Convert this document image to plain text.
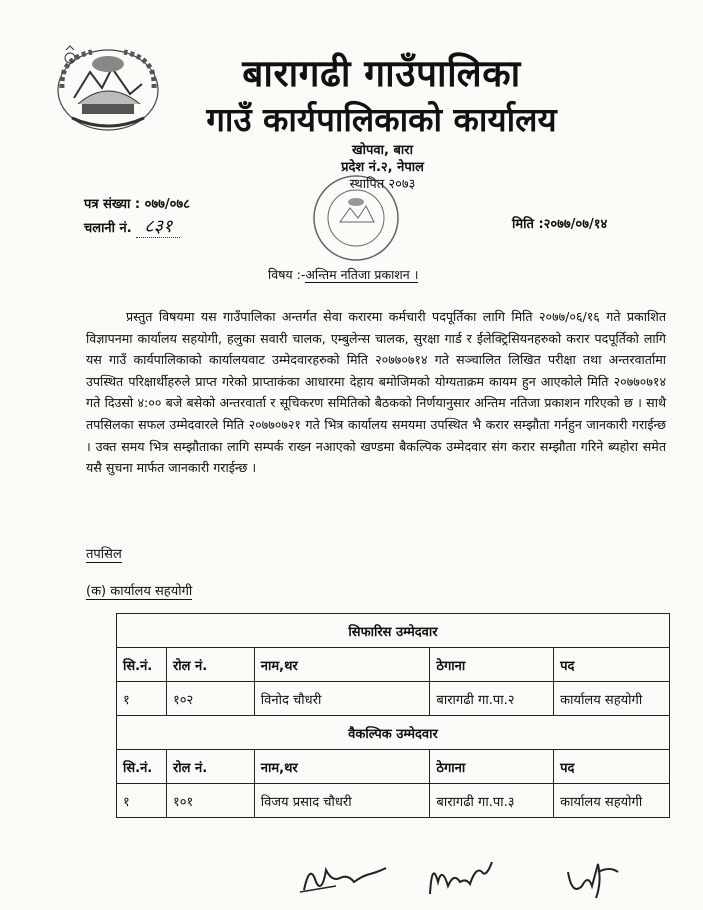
बारागढी गाउँपालिका
गाउँ कार्यपालिकाको कार्यालय
खोपवा, बारा
प्रदेश नं.२, नेपाल
स्थापित २०७३
पत्र संख्या : ०७७/०७८
चलानी नं. ८३१	मिति :२०७७/०७/१४
विषय :-अन्तिम नतिजा प्रकाशन ।
प्रस्तुत विषयमा यस गाउँपालिका अन्तर्गत सेवा करारमा कर्मचारी पदपूर्तिका लागि मिति २०७७/०६/१६ गते प्रकाशित विज्ञापनमा कार्यालय सहयोगी, हलुका सवारी चालक, एम्बुलेन्स चालक, सुरक्षा गार्ड र ईलेक्ट्रिसियनहरुको करार पदपूर्तिको लागि यस गाउँ कार्यपालिकाको कार्यालयवाट उम्मेदवारहरुको मिति २०७७०७१४ गते सञ्चालित लिखित परीक्षा तथा अन्तरवार्तामा उपस्थित परिक्षार्थीहरुले प्राप्त गरेको प्राप्ताकंका आधारमा देहाय बमोजिमको योग्यताक्रम कायम हुन आएकोले मिति २०७७०७१४ गते दिउसो ४:०० बजे बसेको अन्तरवार्ता र सूचिकरण समितिको बैठकको निर्णयानुसार अन्तिम नतिजा प्रकाशन गरिएको छ । साथै तपसिलका सफल उम्मेदवारले मिति २०७७०७२१ गते भित्र कार्यालय समयमा उपस्थित भै करार सम्झौता गर्नहुन जानकारी गराईन्छ । उक्त समय भित्र सम्झौताका लागि सम्पर्क राख्न नआएको खण्डमा बैकल्पिक उम्मेदवार संग करार सम्झौता गरिने ब्यहोरा समेत यसै सुचना मार्फत जानकारी गराईन्छ ।
तपसिल
(क) कार्यालय सहयोगी
सिफारिस उम्मेदवार				
सि.नं.	रोल नं.	नाम,थर	ठेगाना	पद
१	१०२	विनोद चौधरी	बारागढी गा.पा.२	कार्यालय सहयोगी
वैकल्पिक उम्मेदवार				
सि.नं.	रोल नं.	नाम,थर	ठेगाना	पद
१	१०१	विजय प्रसाद चौधरी	बारागढी गा.पा.३	कार्यालय सहयोगी
